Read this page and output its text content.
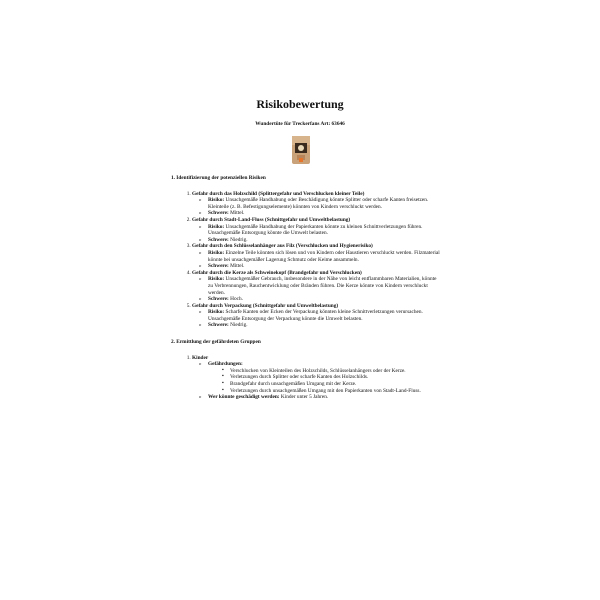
Risikobewertung
Wundertüte für Treckerfans Art: 63646
1. Identifizierung der potenziellen Risiken
1. Gefahr durch das Holzschild (Splittergefahr und Verschlucken kleiner Teile)
o Risiko: Unsachgemäße Handhabung oder Beschädigung könnte Splitter oder scharfe Kanten freisetzen. Kleinteile (z. B. Befestigungselemente) könnten von Kindern verschluckt werden.
o Schwere: Mittel.
2. Gefahr durch Stadt-Land-Fluss (Schnittgefahr und Umweltbelastung)
o Risiko: Unsachgemäße Handhabung der Papierkanten könnte zu kleinen Schnittverletzungen führen. Unsachgemäße Entsorgung könnte die Umwelt belasten.
o Schwere: Niedrig.
3. Gefahr durch den Schlüsselanhänger aus Filz (Verschlucken und Hygienerisiko)
o Risiko: Einzelne Teile könnten sich lösen und von Kindern oder Haustieren verschluckt werden. Filzmaterial könnte bei unsachgemäßer Lagerung Schmutz oder Keime ansammeln.
o Schwere: Mittel.
4. Gefahr durch die Kerze als Schweinekopf (Brandgefahr und Verschlucken)
o Risiko: Unsachgemäßer Gebrauch, insbesondere in der Nähe von leicht entflammbaren Materialien, könnte zu Verbrennungen, Rauchentwicklung oder Bränden führen. Die Kerze könnte von Kindern verschluckt werden.
o Schwere: Hoch.
5. Gefahr durch Verpackung (Schnittgefahr und Umweltbelastung)
o Risiko: Scharfe Kanten oder Ecken der Verpackung könnten kleine Schnittverletzungen verursachen. Unsachgemäße Entsorgung der Verpackung könnte die Umwelt belasten.
o Schwere: Niedrig.
2. Ermittlung der gefährdeten Gruppen
1. Kinder
o Gefährdungen:
▪ Verschlucken von Kleinteilen des Holzschilds, Schlüsselanhängers oder der Kerze.
▪ Verletzungen durch Splitter oder scharfe Kanten des Holzschilds.
▪ Brandgefahr durch unsachgemäßen Umgang mit der Kerze.
▪ Verletzungen durch unsachgemäßen Umgang mit den Papierkanten von Stadt-Land-Fluss.
o Wer könnte geschädigt werden: Kinder unter 5 Jahren.
